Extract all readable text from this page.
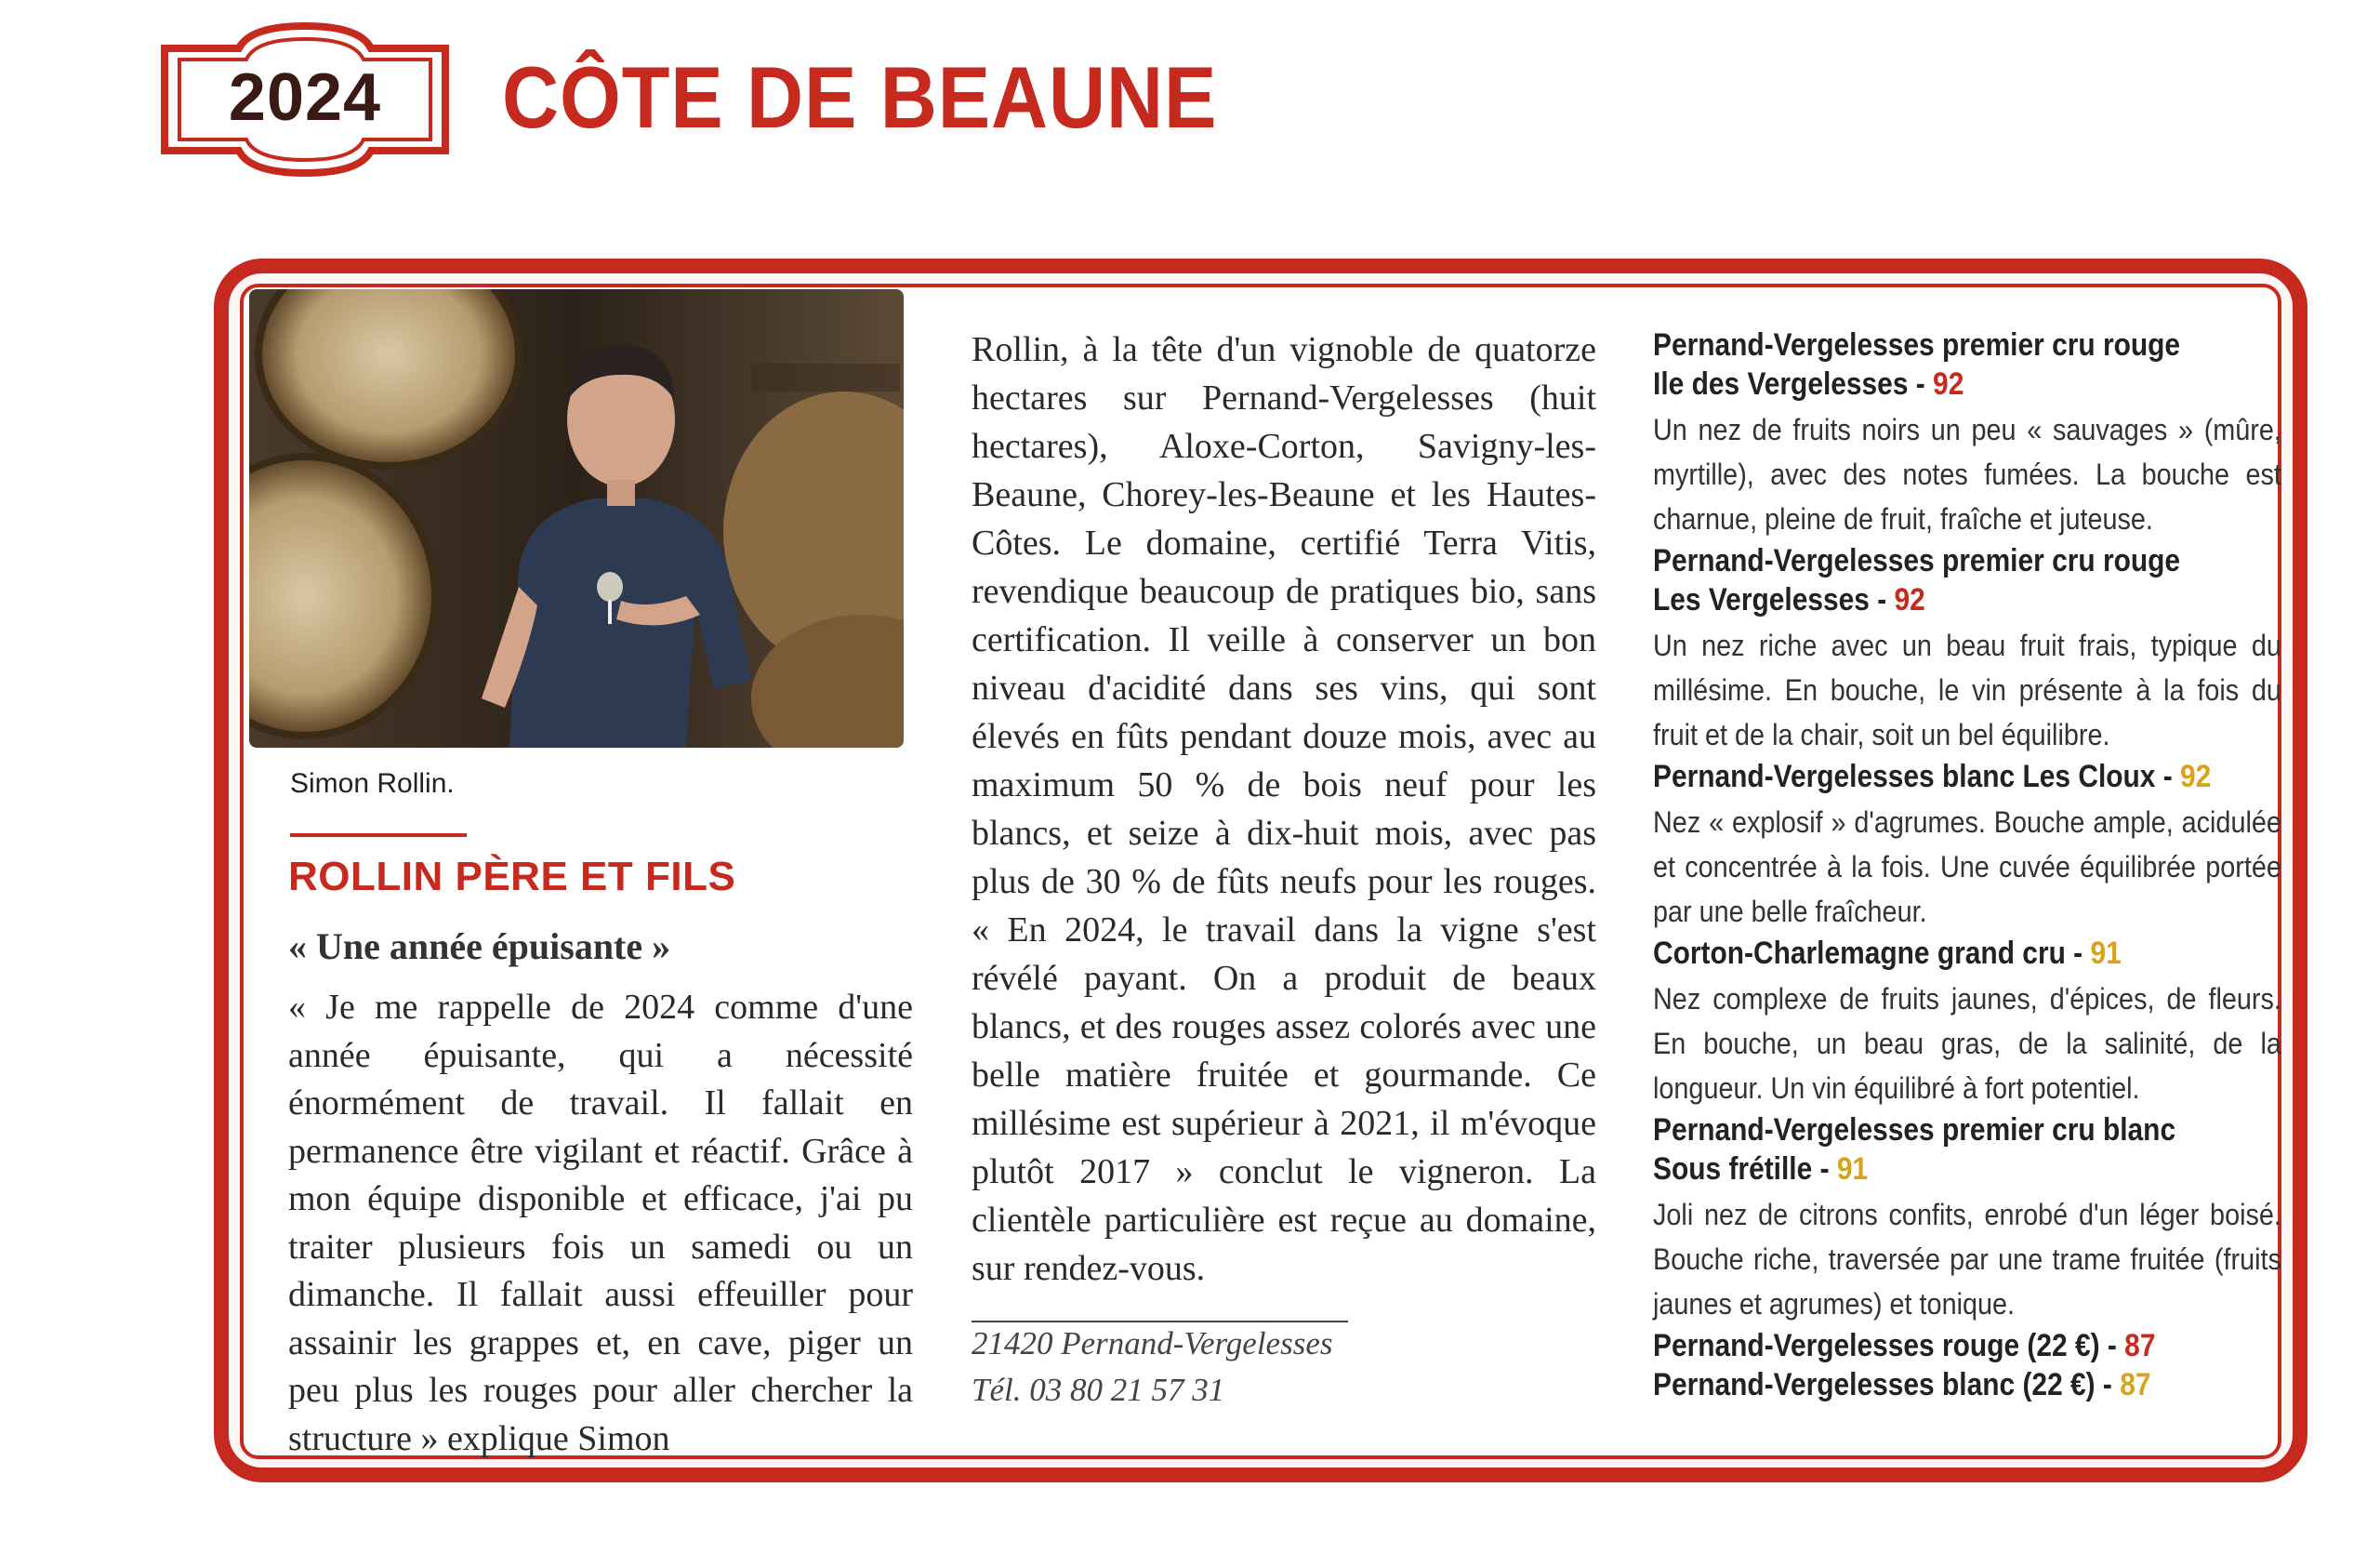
2024	CÔTE DE BEAUNE
Simon Rollin.
ROLLIN PÈRE ET FILS
« Une année épuisante »

« Je me rappelle de 2024 comme d'une année épuisante, qui a nécessité énormément de travail. Il fallait en permanence être vigilant et réactif. Grâce à mon équipe disponible et efficace, j'ai pu traiter plusieurs fois un samedi ou un dimanche. Il fallait aussi effeuiller pour assainir les grappes et, en cave, piger un peu plus les rouges pour aller chercher la structure » explique Simon

Rollin, à la tête d'un vignoble de quatorze hectares sur Pernand-Vergelesses (huit hectares), Aloxe-Corton, Savigny-les-Beaune, Chorey-les-Beaune et les Hautes-Côtes. Le domaine, certifié Terra Vitis, revendique beaucoup de pratiques bio, sans certification. Il veille à conserver un bon niveau d'acidité dans ses vins, qui sont élevés en fûts pendant douze mois, avec au maximum 50 % de bois neuf pour les blancs, et seize à dix-huit mois, avec pas plus de 30 % de fûts neufs pour les rouges. « En 2024, le travail dans la vigne s'est révélé payant. On a produit de beaux blancs, et des rouges assez colorés avec une belle matière fruitée et gourmande. Ce millésime est supérieur à 2021, il m'évoque plutôt 2017 » conclut le vigneron. La clientèle particulière est reçue au domaine, sur rendez-vous.

21420 Pernand-Vergelesses
Tél. 03 80 21 57 31
Pernand-Vergelesses premier cru rouge
Ile des Vergelesses - 92
Un nez de fruits noirs un peu « sauvages » (mûre, myrtille), avec des notes fumées. La bouche est charnue, pleine de fruit, fraîche et juteuse.
Pernand-Vergelesses premier cru rouge
Les Vergelesses - 92
Un nez riche avec un beau fruit frais, typique du millésime. En bouche, le vin présente à la fois du fruit et de la chair, soit un bel équilibre.
Pernand-Vergelesses blanc Les Cloux - 92
Nez « explosif » d'agrumes. Bouche ample, acidulée et concentrée à la fois. Une cuvée équilibrée portée par une belle fraîcheur.
Corton-Charlemagne grand cru - 91
Nez complexe de fruits jaunes, d'épices, de fleurs. En bouche, un beau gras, de la salinité, de la longueur. Un vin équilibré à fort potentiel.
Pernand-Vergelesses premier cru blanc
Sous frétille - 91
Joli nez de citrons confits, enrobé d'un léger boisé. Bouche riche, traversée par une trame fruitée (fruits jaunes et agrumes) et tonique.
Pernand-Vergelesses rouge (22 €) - 87
Pernand-Vergelesses blanc (22 €) - 87
